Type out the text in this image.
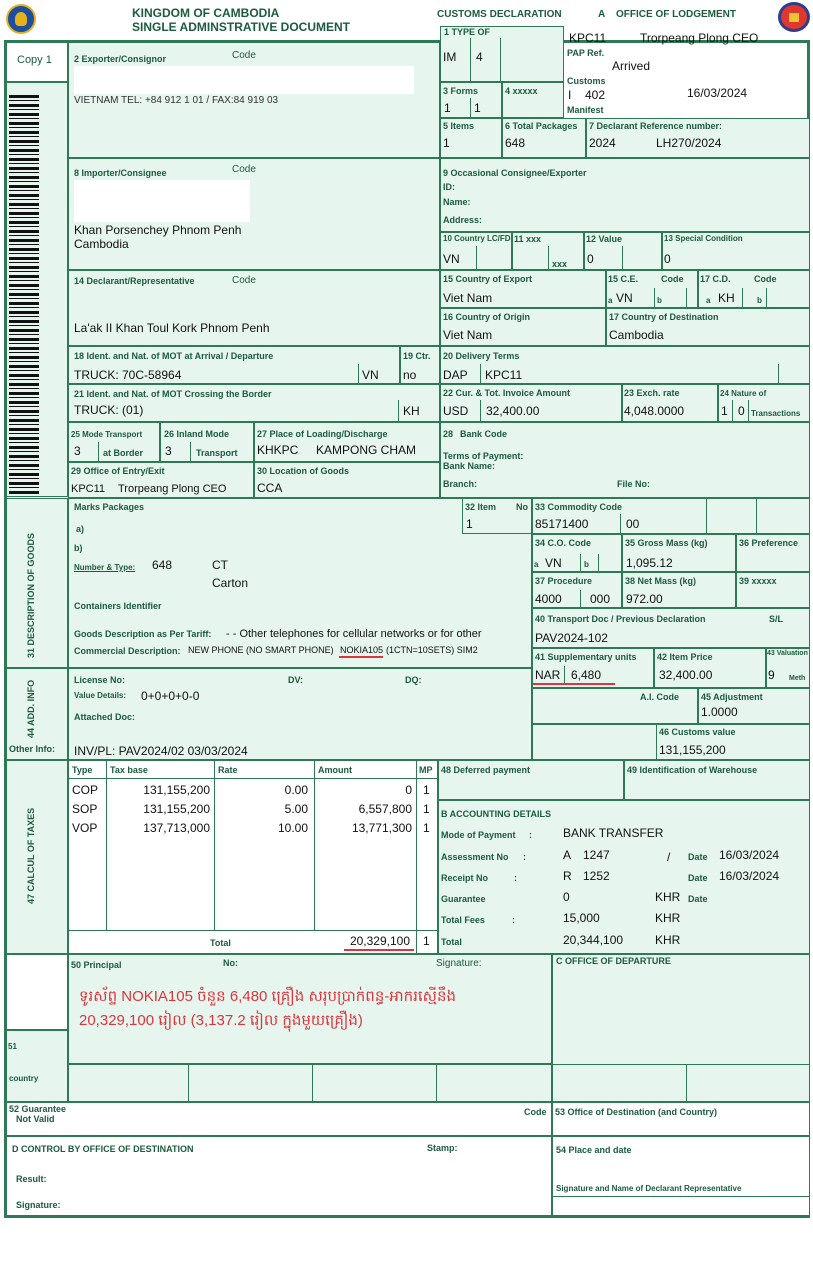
KINGDOM OF CAMBODIA
SINGLE ADMINSTRATIVE DOCUMENT
CUSTOMS DECLARATION	A OFFICE OF LODGEMENT
Copy 1 2 Exporter/Consignor	Code
VIETNAM TEL: +84 912 1 01 / FAX:84 919 03
1 TYPE OF
IM 4
KPC11	Trorpeang Plong CEO
PAP Ref.
Arrived
Customs
I 402	16/03/2024
Manifest
3 Forms
1 1
4 xxxxx
5 Items
1
6 Total Packages
648
7 Declarant Reference number:
2024	LH270/2024
8 Importer/Consignee	Code
Khan Porsenchey Phnom Penh
Cambodia
9 Occasional Consignee/Exporter
ID:
Name:
Address:
10 Country LC/FD
VN
11 xxx
xxx
12 Value
0
13 Special Condition
0
14 Declarant/Representative	Code
La'ak II Khan Toul Kork Phnom Penh
15 Country of Export
Viet Nam
15 C.E.	Code
a VN	b
17 C.D.	Code
a KH	b
16 Country of Origin
Viet Nam
17 Country of Destination
Cambodia
18 Ident. and Nat. of MOT at Arrival / Departure
TRUCK: 70C-58964	VN
19 Ctr.
no
20 Delivery Terms
DAP KPC11
21 Ident. and Nat. of MOT Crossing the Border
TRUCK: (01)	KH
22 Cur. & Tot. Invoice Amount
USD 32,400.00
23 Exch. rate
4,048.0000
24 Nature of
1 0 Transactions
25 Mode Transport
3 at Border
26 Inland Mode
3	Transport
27 Place of Loading/Discharge
KHKPC KAMPONG CHAM
28 Bank Code
Terms of Payment:
Bank Name:
Branch:	File No:
29 Office of Entry/Exit
KPC11 Trorpeang Plong CEO
30 Location of Goods
CCA
31 DESCRIPTION OF GOODS
Marks Packages
a)
b)
Number & Type: 648	CT
Carton
Containers Identifier
Goods Description as Per Tariff: - - Other telephones for cellular networks or for other
Commercial Description: NEW PHONE (NO SMART PHONE) NOKIA105 (1CTN=10SETS) SIM2
32 Item No
1
33 Commodity Code
85171400	00
34 C.O. Code
a VN	b
35 Gross Mass (kg)
1,095.12
36 Preference
37 Procedure
4000 000
38 Net Mass (kg)
972.00
39 xxxxx
40 Transport Doc / Previous Declaration	S/L
PAV2024-102
41 Supplementary units
NAR 6,480
42 Item Price
32,400.00
43 Valuation
9 Meth
44 ADD. INFO
Other Info:
License No:	DV:	DQ:
Value Details: 0+0+0+0-0
Attached Doc:
INV/PL: PAV2024/02 03/03/2024
A.I. Code 45 Adjustment
1.0000
46 Customs value
131,155,200
47 CALCUL OF TAXES
Type Tax base	Rate	Amount	MP
COP	131,155,200	0.00	0 1
SOP	131,155,200	5.00	6,557,800 1
VOP	137,713,000	10.00	13,771,300 1
Total	20,329,100 1
48 Deferred payment	49 Identification of Warehouse
B ACCOUNTING DETAILS
Mode of Payment :	BANK TRANSFER
Assessment No :	A 1247	/ Date 16/03/2024
Receipt No	:	R 1252	Date 16/03/2024
Guarantee	0	KHR Date
Total Fees	:	15,000	KHR
Total	20,344,100	KHR
50 Principal	No:	Signature:
ទូរស័ព្ទ NOKIA105 ចំនួន 6,480 គ្រឿង សរុបប្រាក់ពន្ធ-អាករស្មើនឹង
20,329,100 រៀល (3,137.2 រៀល ក្នុងមួយគ្រឿង)
C OFFICE OF DEPARTURE
51
country
52 Guarantee
Not Valid
Code 53 Office of Destination (and Country)
D CONTROL BY OFFICE OF DESTINATION	Stamp:
Result:
Signature:
54 Place and date
Signature and Name of Declarant Representative
